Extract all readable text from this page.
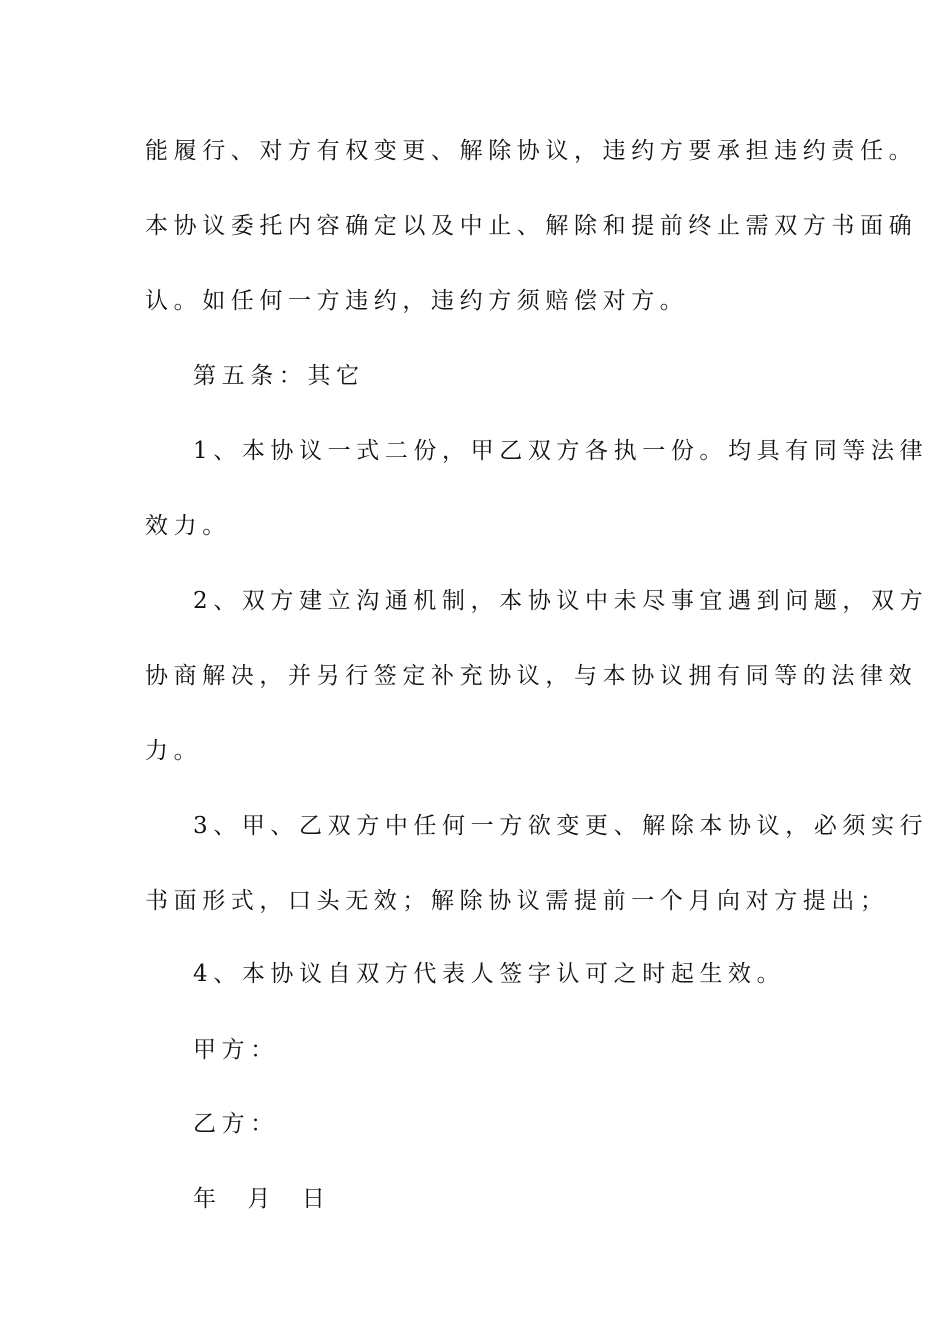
能履行、对方有权变更、解除协议，违约方要承担违约责任。
本协议委托内容确定以及中止、解除和提前终止需双方书面确
认。如任何一方违约，违约方须赔偿对方。
第五条：其它
1、本协议一式二份，甲乙双方各执一份。均具有同等法律
效力。
2、双方建立沟通机制，本协议中未尽事宜遇到问题，双方
协商解决，并另行签定补充协议，与本协议拥有同等的法律效
力。
3、甲、乙双方中任何一方欲变更、解除本协议，必须实行
书面形式，口头无效；解除协议需提前一个月向对方提出；
4、本协议自双方代表人签字认可之时起生效。
甲方：
乙方：
年  月  日
